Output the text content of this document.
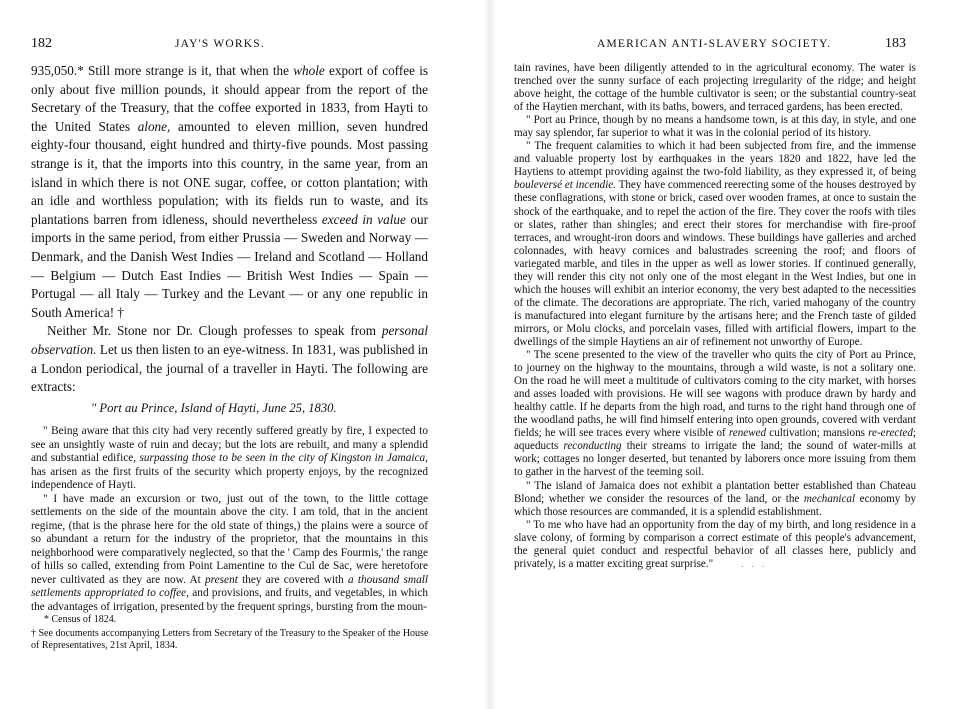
182	JAY'S WORKS.

935,050.* Still more strange is it, that when the whole export of coffee is only about five million pounds, it should appear from the report of the Secretary of the Treasury, that the coffee exported in 1833, from Hayti to the United States alone, amounted to eleven million, seven hundred eighty-four thousand, eight hundred and thirty-five pounds. Most passing strange is it, that the imports into this country, in the same year, from an island in which there is not ONE sugar, coffee, or cotton plantation; with an idle and worthless population; with its fields run to waste, and its plantations barren from idleness, should nevertheless exceed in value our imports in the same period, from either Prussia — Sweden and Norway — Denmark, and the Danish West Indies — Ireland and Scotland — Holland — Belgium — Dutch East Indies — British West Indies — Spain — Portugal — all Italy — Turkey and the Levant — or any one republic in South America! †

Neither Mr. Stone nor Dr. Clough professes to speak from personal observation. Let us then listen to an eye-witness. In 1831, was published in a London periodical, the journal of a traveller in Hayti. The following are extracts:

" Port au Prince, Island of Hayti, June 25, 1830.

" Being aware that this city had very recently suffered greatly by fire, I expected to see an unsightly waste of ruin and decay; but the lots are rebuilt, and many a splendid and substantial edifice, surpassing those to be seen in the city of Kingston in Jamaica, has arisen as the first fruits of the security which property enjoys, by the recognized independence of Hayti.

" I have made an excursion or two, just out of the town, to the little cottage settlements on the side of the mountain above the city. I am told, that in the ancient regime, (that is the phrase here for the old state of things,) the plains were a source of so abundant a return for the industry of the proprietor, that the mountains in this neighborhood were comparatively neglected, so that the ' Camp des Fourmis,' the range of hills so called, extending from Point Lamentine to the Cul de Sac, were heretofore never cultivated as they are now. At present they are covered with a thousand small settlements appropriated to coffee, and provisions, and fruits, and vegetables, in which the advantages of irrigation, presented by the frequent springs, bursting from the moun-

* Census of 1824.

† See documents accompanying Letters from Secretary of the Treasury to the Speaker of the House of Representatives, 21st April, 1834.

AMERICAN ANTI-SLAVERY SOCIETY.	183

tain ravines, have been diligently attended to in the agricultural economy. The water is trenched over the sunny surface of each projecting irregularity of the ridge; and height above height, the cottage of the humble cultivator is seen; or the substantial country-seat of the Haytien merchant, with its baths, bowers, and terraced gardens, has been erected.

" Port au Prince, though by no means a handsome town, is at this day, in style, and one may say splendor, far superior to what it was in the colonial period of its history.

" The frequent calamities to which it had been subjected from fire, and the immense and valuable property lost by earthquakes in the years 1820 and 1822, have led the Haytiens to attempt providing against the two-fold liability, as they expressed it, of being bouleversé et incendie. They have commenced reerecting some of the houses destroyed by these conflagrations, with stone or brick, cased over wooden frames, at once to sustain the shock of the earthquake, and to repel the action of the fire. They cover the roofs with tiles or slates, rather than shingles; and erect their stores for merchandise with fire-proof terraces, and wrought-iron doors and windows. These buildings have galleries and arched colonnades, with heavy cornices and balustrades screening the roof; and floors of variegated marble, and tiles in the upper as well as lower stories. If continued generally, they will render this city not only one of the most elegant in the West Indies, but one in which the houses will exhibit an interior economy, the very best adapted to the necessities of the climate. The decorations are appropriate. The rich, varied mahogany of the country is manufactured into elegant furniture by the artisans here; and the French taste of gilded mirrors, or Molu clocks, and porcelain vases, filled with artificial flowers, impart to the dwellings of the simple Haytiens an air of refinement not unworthy of Europe.

" The scene presented to the view of the traveller who quits the city of Port au Prince, to journey on the highway to the mountains, through a wild waste, is not a solitary one. On the road he will meet a multitude of cultivators coming to the city market, with horses and asses loaded with provisions. He will see wagons with produce drawn by hardy and healthy cattle. If he departs from the high road, and turns to the right hand through one of the woodland paths, he will find himself entering into open grounds, covered with verdant fields; he will see traces every where visible of renewed cultivation; mansions re-erected; aqueducts reconducting their streams to irrigate the land; the sound of water-mills at work; cottages no longer deserted, but tenanted by laborers once more issuing from them to gather in the harvest of the teeming soil.

" The island of Jamaica does not exhibit a plantation better established than Chateau Blond; whether we consider the resources of the land, or the mechanical economy by which those resources are commanded, it is a splendid establishment.

" To me who have had an opportunity from the day of my birth, and long residence in a slave colony, of forming by comparison a correct estimate of this people's advancement, the general quiet conduct and respectful behavior of all classes here, publicly and privately, is a matter exciting great surprise."	. . .
